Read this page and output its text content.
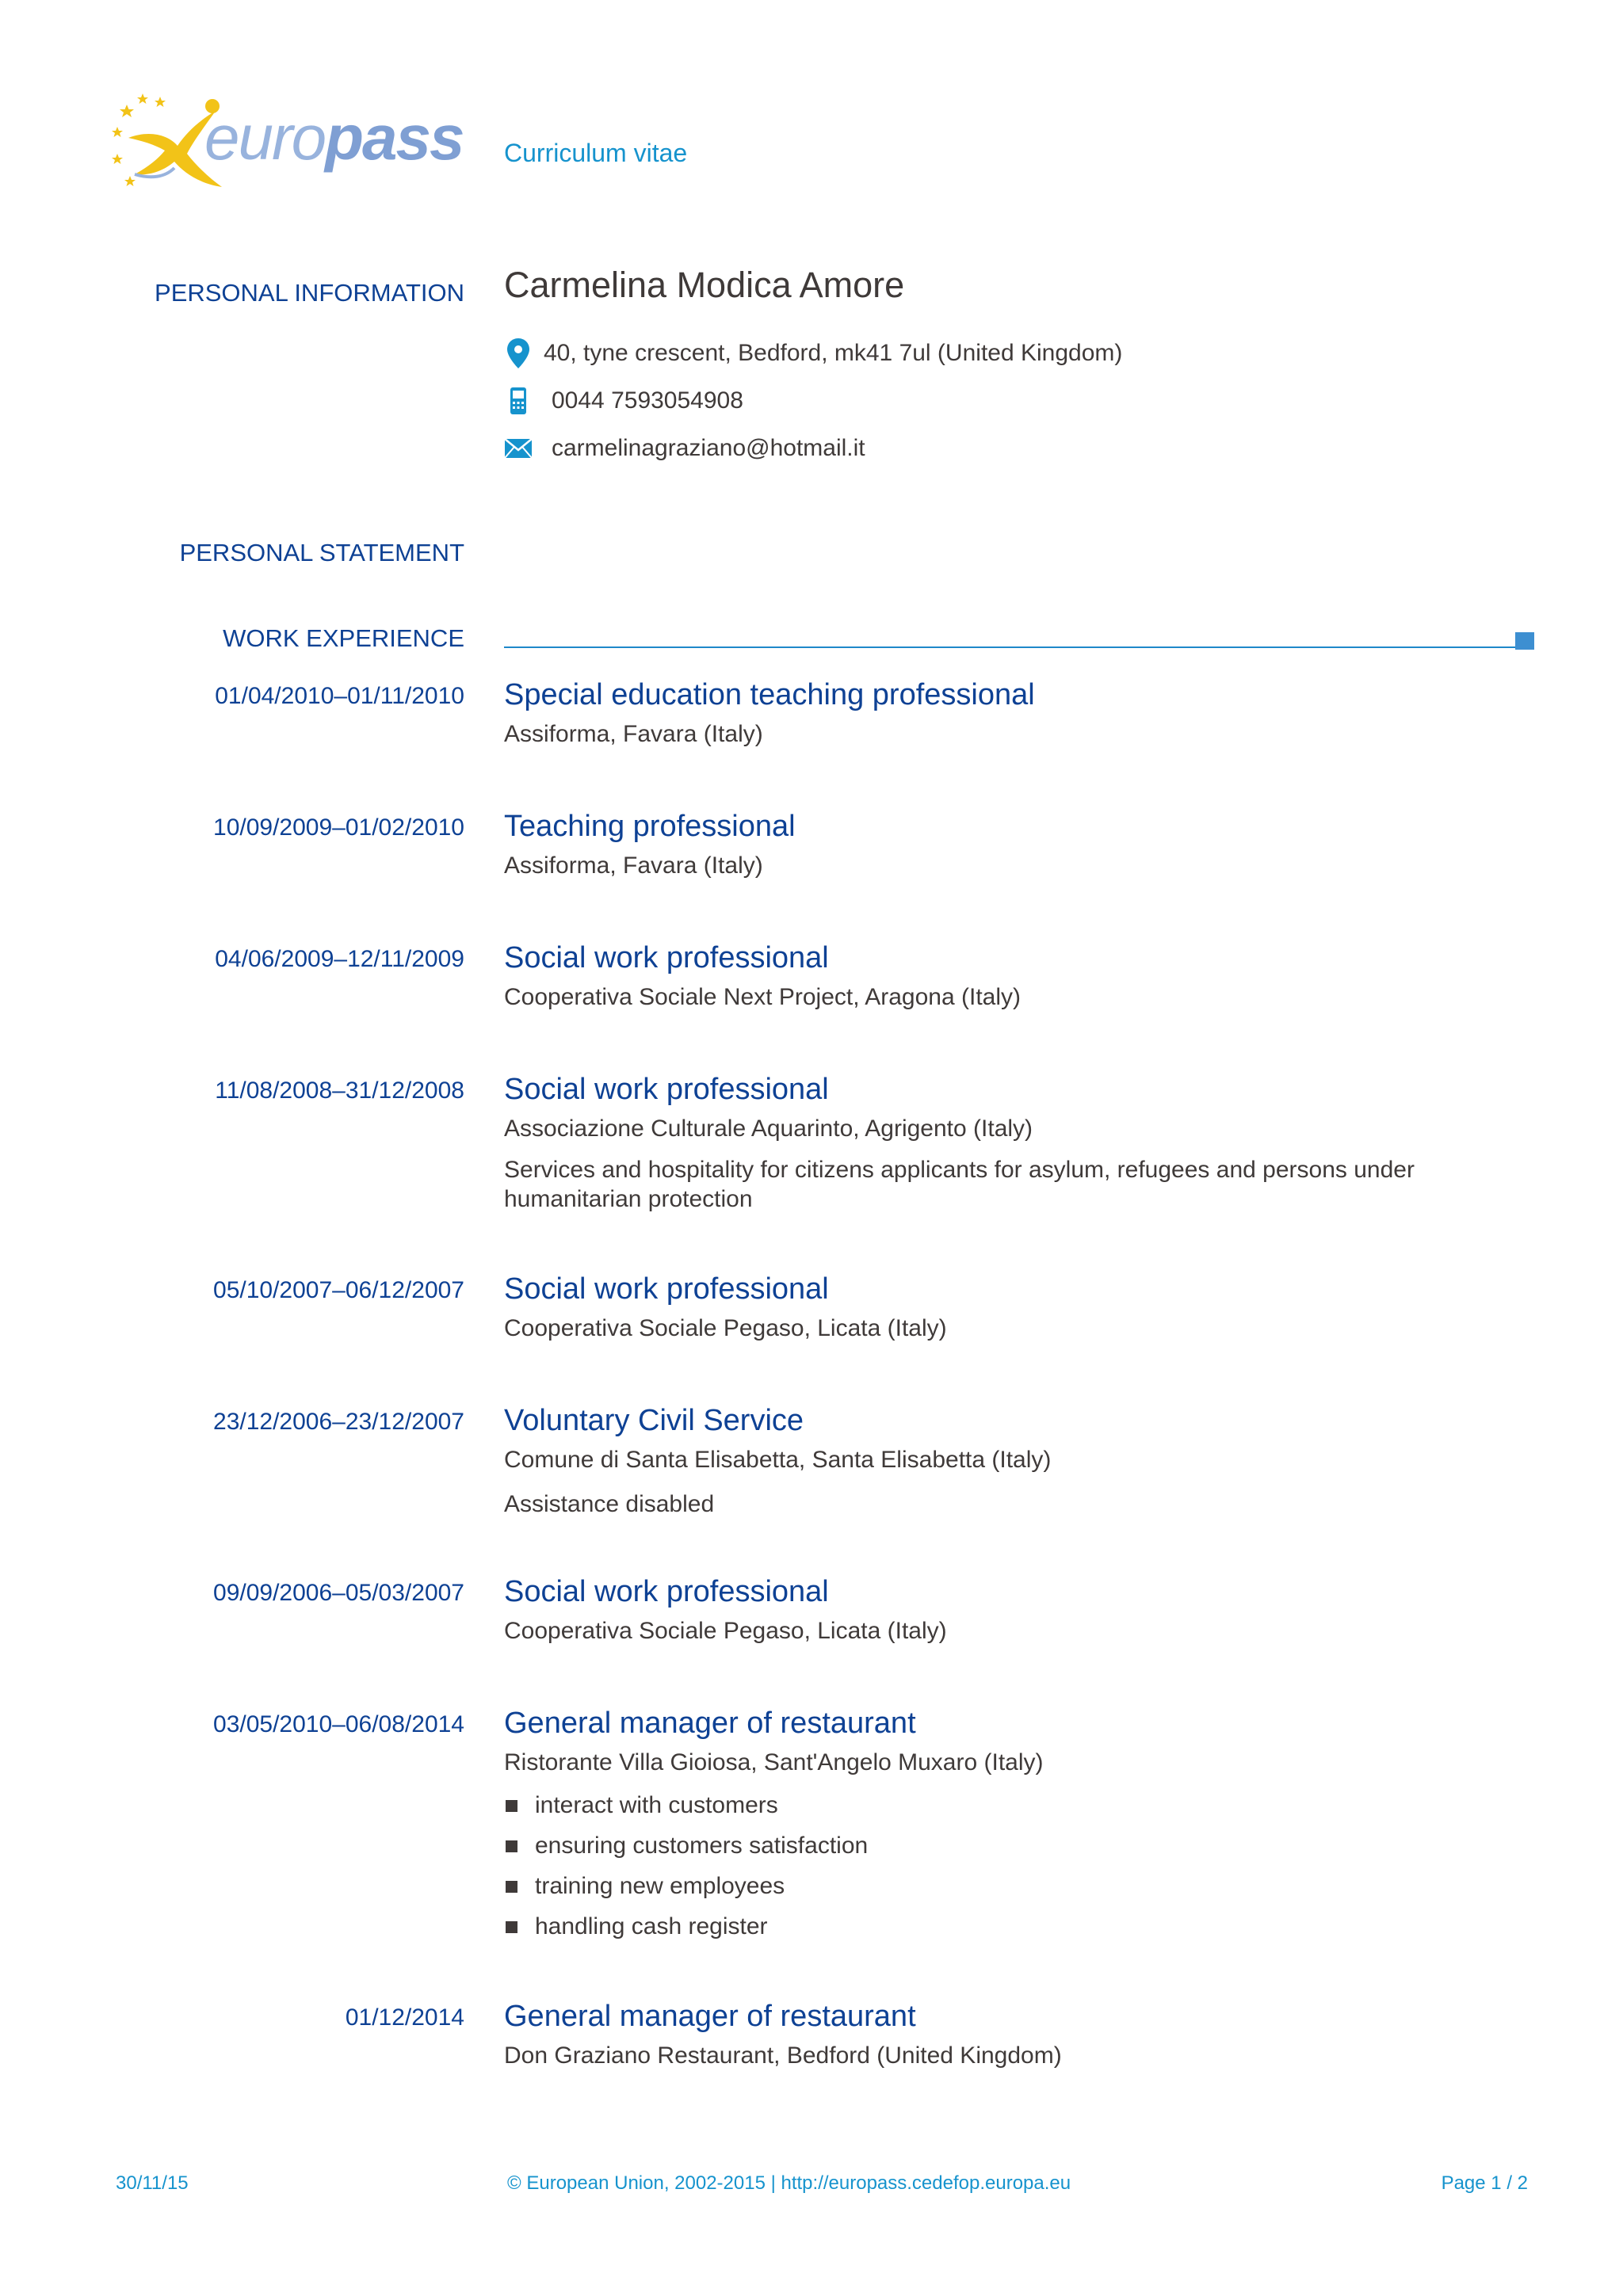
europass Curriculum vitae
PERSONAL INFORMATION Carmelina Modica Amore
40, tyne crescent, Bedford, mk41 7ul (United Kingdom)
0044 7593054908
carmelinagraziano@hotmail.it
PERSONAL STATEMENT
WORK EXPERIENCE
01/04/2010–01/11/2010 Special education teaching professional
Assiforma, Favara (Italy)
10/09/2009–01/02/2010 Teaching professional
Assiforma, Favara (Italy)
04/06/2009–12/11/2009 Social work professional
Cooperativa Sociale Next Project, Aragona (Italy)
11/08/2008–31/12/2008 Social work professional
Associazione Culturale Aquarinto, Agrigento (Italy)
Services and hospitality for citizens applicants for asylum, refugees and persons under humanitarian protection
05/10/2007–06/12/2007 Social work professional
Cooperativa Sociale Pegaso, Licata (Italy)
23/12/2006–23/12/2007 Voluntary Civil Service
Comune di Santa Elisabetta, Santa Elisabetta (Italy)
Assistance disabled
09/09/2006–05/03/2007 Social work professional
Cooperativa Sociale Pegaso, Licata (Italy)
03/05/2010–06/08/2014 General manager of restaurant
Ristorante Villa Gioiosa, Sant'Angelo Muxaro (Italy)
interact with customers
ensuring customers satisfaction
training new employees
handling cash register
01/12/2014 General manager of restaurant
Don Graziano Restaurant, Bedford (United Kingdom)
30/11/15	© European Union, 2002-2015 | http://europass.cedefop.europa.eu	Page 1 / 2
